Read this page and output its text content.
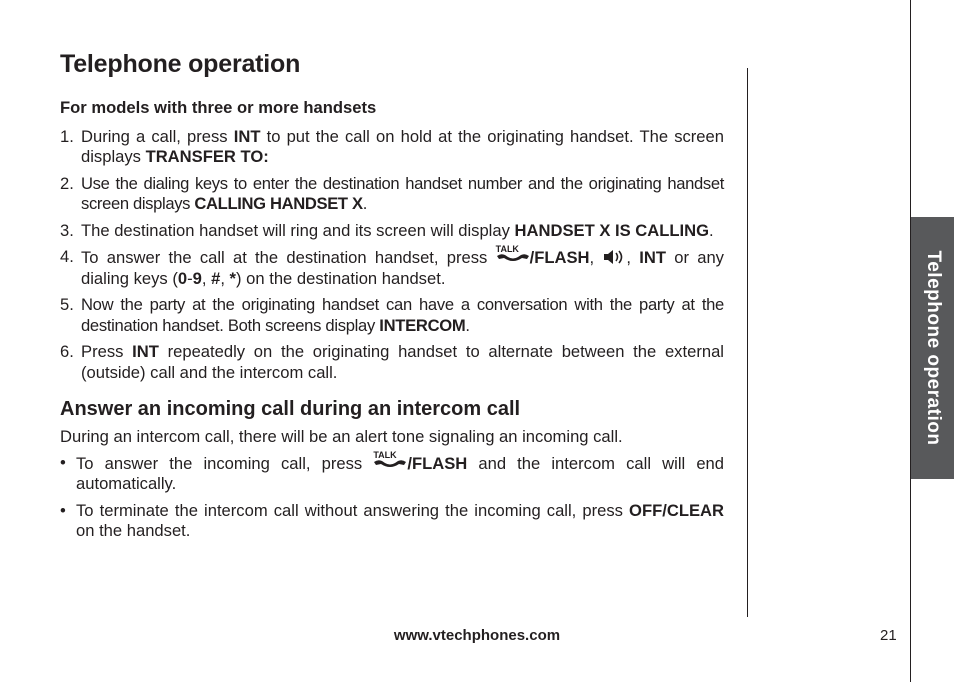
Telephone operation
Telephone operation
For models with three or more handsets
1. During a call, press INT to put the call on hold at the originating handset. The screen displays TRANSFER TO:
2. Use the dialing keys to enter the destination handset number and the originating handset screen displays CALLING HANDSET X.
3. The destination handset will ring and its screen will display HANDSET X IS CALLING.
4. To answer the call at the destination handset, press TALK /FLASH, , INT or any dialing keys (0-9, #, *) on the destination handset.
5. Now the party at the originating handset can have a conversation with the party at the destination handset. Both screens display INTERCOM.
6. Press INT repeatedly on the originating handset to alternate between the external (outside) call and the intercom call.
Answer an incoming call during an intercom call
During an intercom call, there will be an alert tone signaling an incoming call.
• To answer the incoming call, press TALK /FLASH and the intercom call will end automatically.
• To terminate the intercom call without answering the incoming call, press OFF/CLEAR on the handset.
www.vtechphones.com	21
